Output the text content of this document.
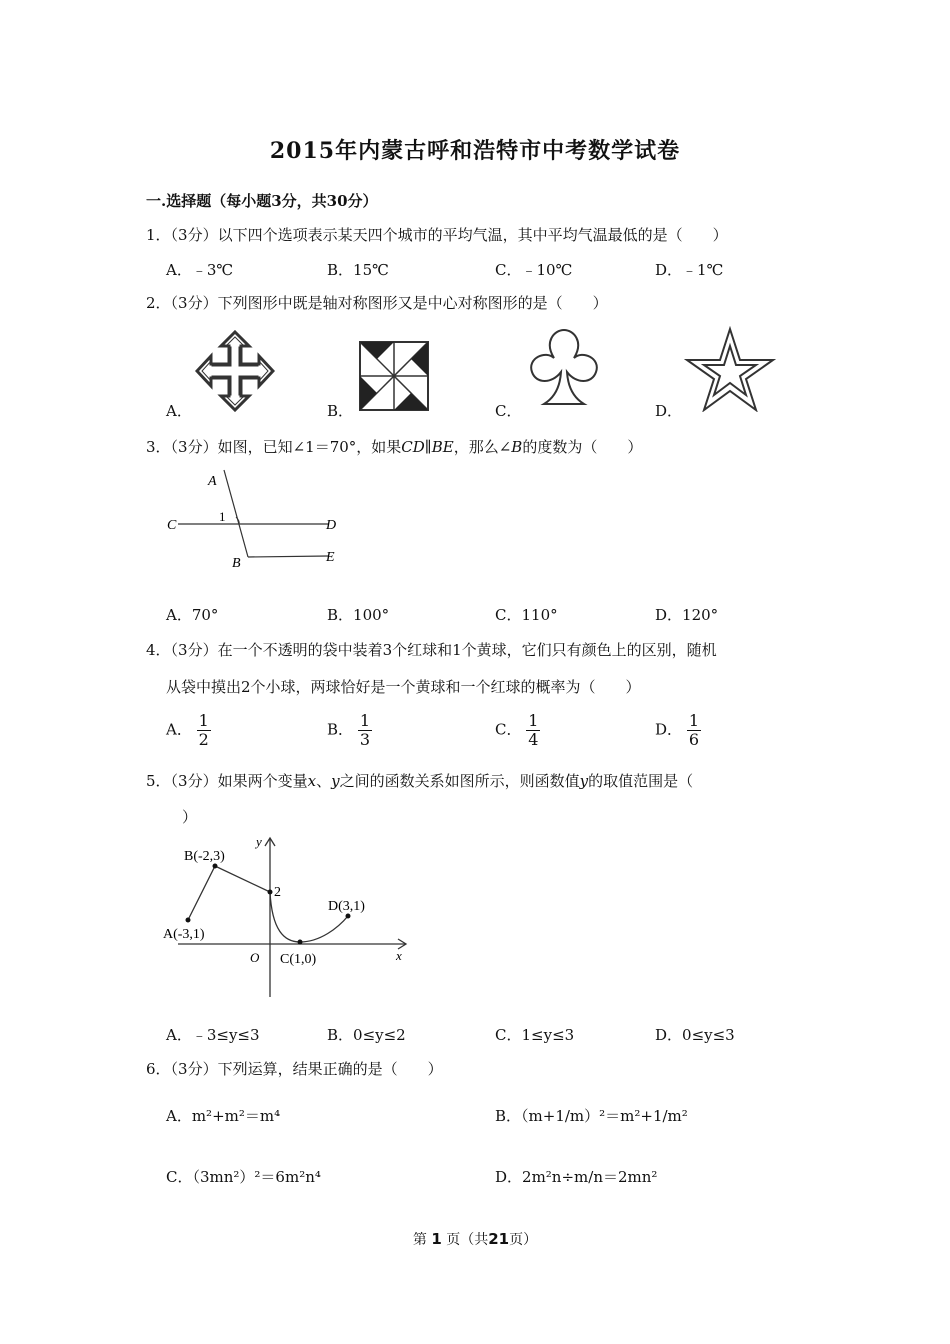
2015年内蒙古呼和浩特市中考数学试卷
一.选择题（每小题3分，共30分）
1．（3分）以下四个选项表示某天四个城市的平均气温，其中平均气温最低的是（　　）
A．﹣3℃	B．15℃	C．﹣10℃	D．﹣1℃
2．（3分）下列图形中既是轴对称图形又是中心对称图形的是（　　）
A．	B．	C．	D．
3．（3分）如图，已知∠1＝70°，如果CD∥BE，那么∠B的度数为（　　）
A
1
C	D
B	E
A．70°	B．100°	C．110°	D．120°
4．（3分）在一个不透明的袋中装着3个红球和1个黄球，它们只有颜色上的区别，随机
从袋中摸出2个小球，两球恰好是一个黄球和一个红球的概率为（　　）
A． $\frac{1}{2}$	B． $\frac{1}{3}$	C． $\frac{1}{4}$	D． $\frac{1}{6}$
5．（3分）如果两个变量x、y之间的函数关系如图所示，则函数值y的取值范围是（
）
y
B(-2,3)
2
D(3,1)
A(-3,1)
O C(1,0)	x
A．﹣3≤y≤3	B．0≤y≤2	C．1≤y≤3	D．0≤y≤3
6．（3分）下列运算，结果正确的是（　　）
A．m²+m²＝m⁴	B．（m+1/m）²＝m²+1/m²
C．（3mn²）²＝6m²n⁴	D．2m²n÷m/n＝2mn²
第 1 页（共21页）
